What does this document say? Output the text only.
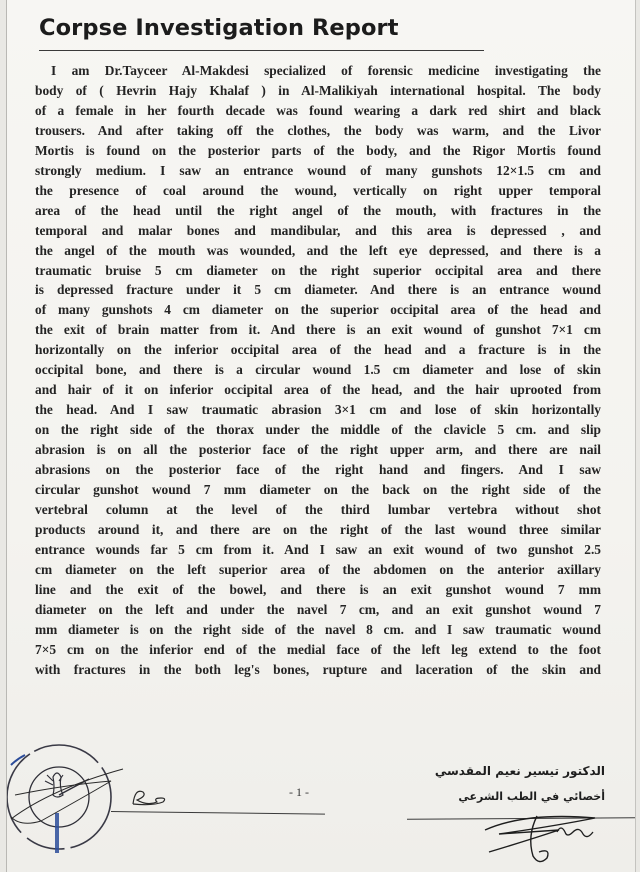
Corpse Investigation Report
I am Dr.Tayceer Al-Makdesi specialized of forensic medicine investigating the
body of ( Hevrin Hajy Khalaf ) in Al-Malikiyah international hospital. The body
of a female in her fourth decade was found wearing a dark red shirt and black
trousers. And after taking off the clothes, the body was warm, and the Livor
Mortis is found on the posterior parts of the body, and the Rigor Mortis found
strongly medium. I saw an entrance wound of many gunshots 12×1.5 cm and
the presence of coal around the wound, vertically on right upper temporal
area of the head until the right angel of the mouth, with fractures in the
temporal and malar bones and mandibular, and this area is depressed , and
the angel of the mouth was wounded, and the left eye depressed, and there is a
traumatic bruise 5 cm diameter on the right superior occipital area and there
is depressed fracture under it 5 cm diameter. And there is an entrance wound
of many gunshots 4 cm diameter on the superior occipital area of the head and
the exit of brain matter from it. And there is an exit wound of gunshot 7×1 cm
horizontally on the inferior occipital area of the head and a fracture is in the
occipital bone, and there is a circular wound 1.5 cm diameter and lose of skin
and hair of it on inferior occipital area of the head, and the hair uprooted from
the head. And I saw traumatic abrasion 3×1 cm and lose of skin horizontally
on the right side of the thorax under the middle of the clavicle 5 cm. and slip
abrasion is on all the posterior face of the right upper arm, and there are nail
abrasions on the posterior face of the right hand and fingers. And I saw
circular gunshot wound 7 mm diameter on the back on the right side of the
vertebral column at the level of the third lumbar vertebra without shot
products around it, and there are on the right of the last wound three similar
entrance wounds far 5 cm from it. And I saw an exit wound of two gunshot 2.5
cm diameter on the left superior area of the abdomen on the anterior axillary
line and the exit of the bowel, and there is an exit gunshot wound 7 mm
diameter on the left and under the navel 7 cm, and an exit gunshot wound 7
mm diameter is on the right side of the navel 8 cm. and I saw traumatic wound
7×5 cm on the inferior end of the medial face of the left leg extend to the foot
with fractures in the both leg's bones, rupture and laceration of the skin and
- 1 -
الدكتور تيسير نعيم المقدسي
أخصائي في الطب الشرعي
